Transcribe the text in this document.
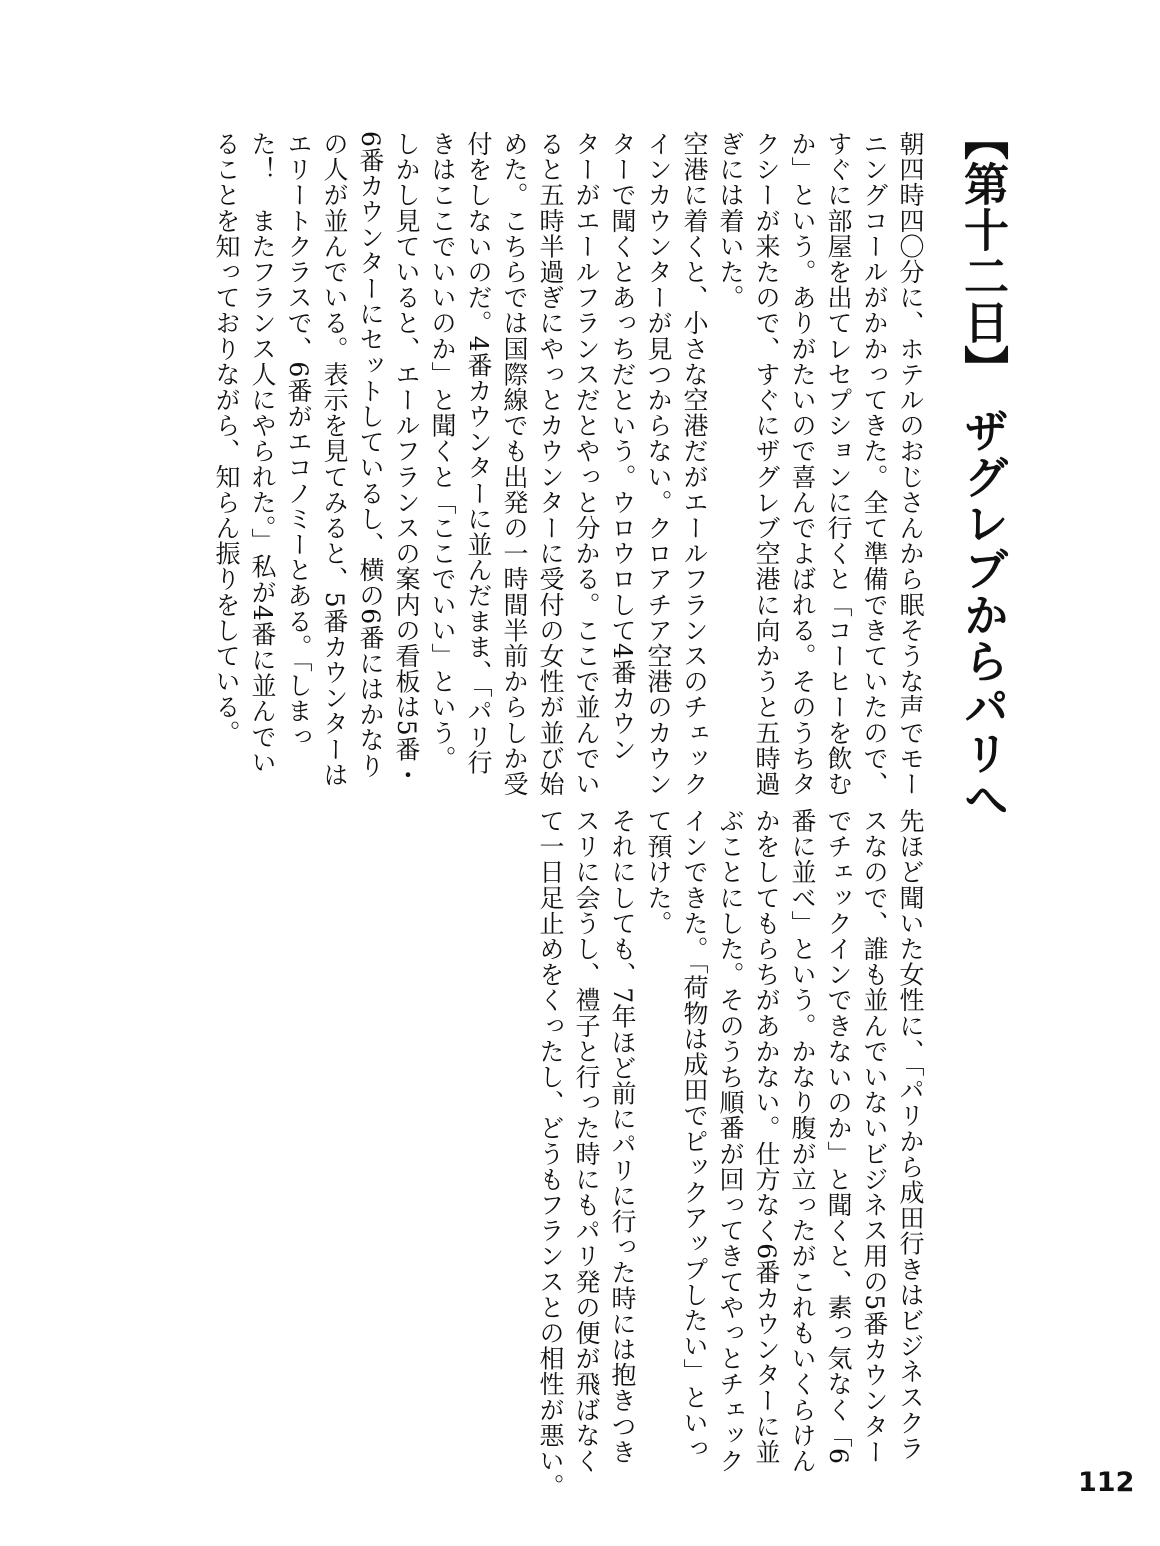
【第十二日】 ザグレブからパリへ
朝四時四〇分に、ホテルのおじさんから眠そうな声でモー
ニングコールがかかってきた。全て準備できていたので、
すぐに部屋を出てレセプションに行くと「コーヒーを飲む
か」という。ありがたいので喜んでよばれる。そのうちタ
クシーが来たので、すぐにザグレブ空港に向かうと五時過
ぎには着いた。
空港に着くと、小さな空港だがエールフランスのチェック
インカウンターが見つからない。クロアチア空港のカウン
ターで聞くとあっちだという。ウロウロして4番カウン
ターがエールフランスだとやっと分かる。ここで並んでい
ると五時半過ぎにやっとカウンターに受付の女性が並び始
めた。こちらでは国際線でも出発の一時間半前からしか受
付をしないのだ。4番カウンターに並んだまま、「パリ行
きはここでいいのか」と聞くと「ここでいい」という。
しかし見ていると、エールフランスの案内の看板は5番・
6番カウンターにセットしているし、横の6番にはかなり
の人が並んでいる。表示を見てみると、5番カウンターは
エリートクラスで、6番がエコノミーとある。「しまっ
た！　またフランス人にやられた。」私が4番に並んでい
ることを知っておりながら、知らん振りをしている。
先ほど聞いた女性に、「パリから成田行きはビジネスクラ
スなので、誰も並んでいないビジネス用の5番カウンター
でチェックインできないのか」と聞くと、素っ気なく「6
番に並べ」という。かなり腹が立ったがこれもいくらけん
かをしてもらちがあかない。仕方なく6番カウンターに並
ぶことにした。そのうち順番が回ってきてやっとチェック
インできた。「荷物は成田でピックアップしたい」といっ
て預けた。
それにしても、7年ほど前にパリに行った時には抱きつき
スリに会うし、禮子と行った時にもパリ発の便が飛ばなく
て一日足止めをくったし、どうもフランスとの相性が悪い。	112
